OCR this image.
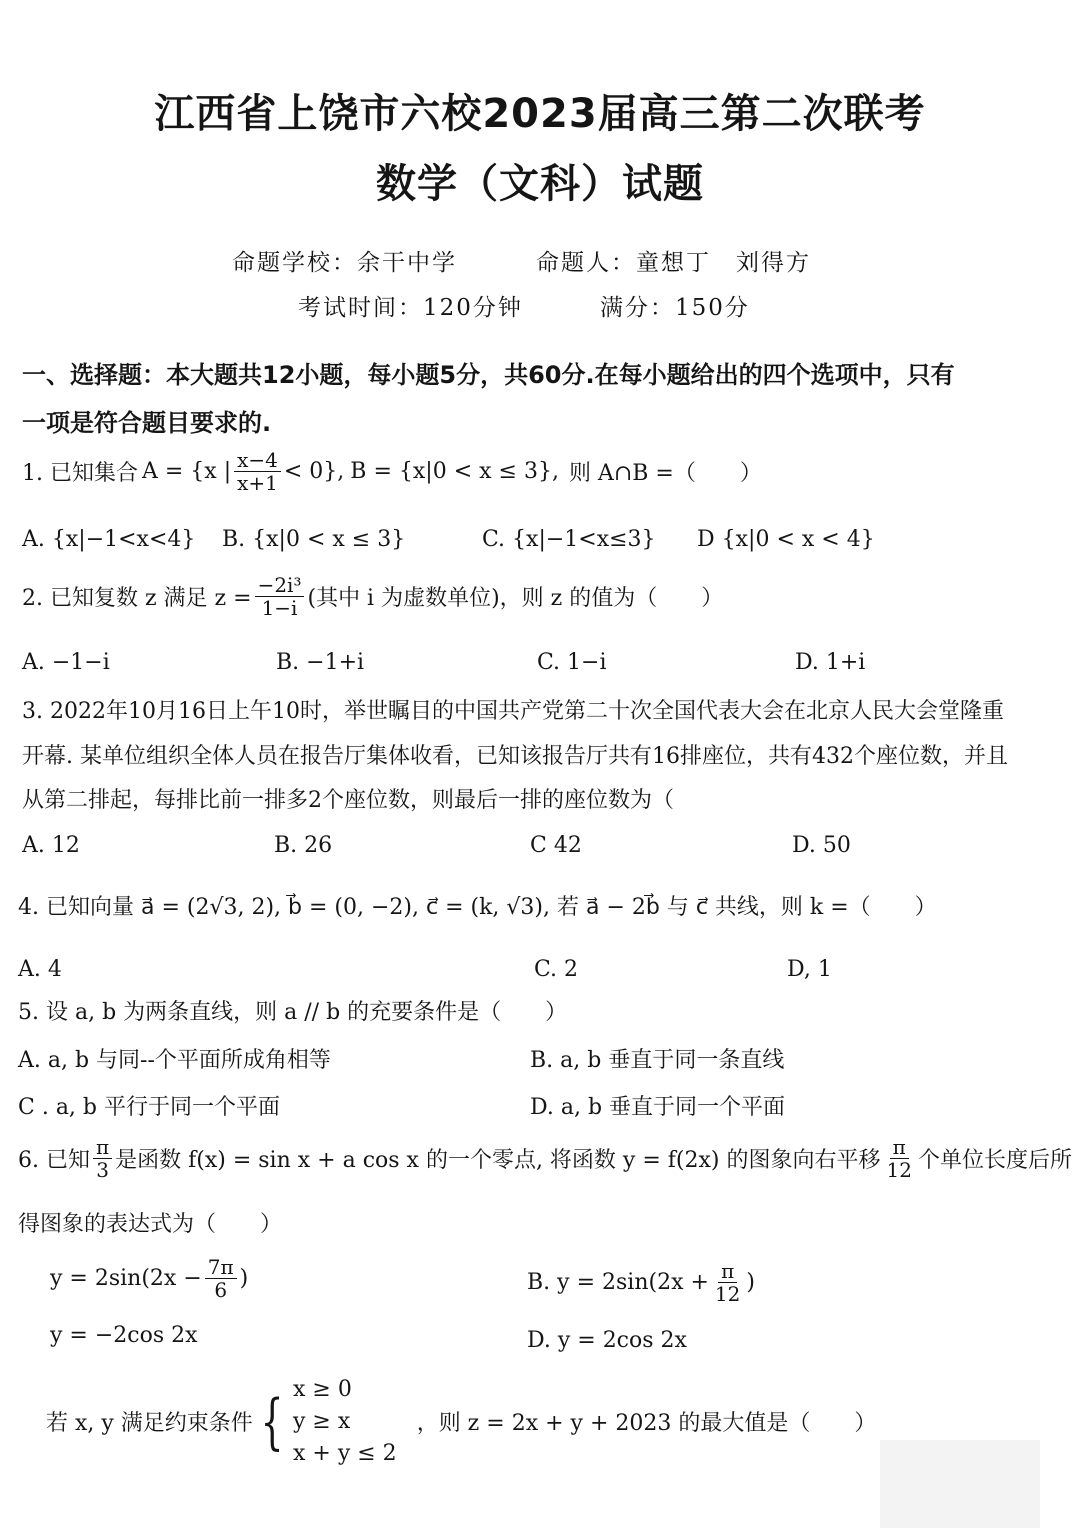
江西省上饶市六校2023届高三第二次联考
数学（文科）试题
命题学校：余干中学	命题人：童想丁　刘得方
考试时间：120分钟	满分：150分
一、选择题：本大题共12小题，每小题5分，共60分.在每小题给出的四个选项中，只有
一项是符合题目要求的.
1. 已知集合 A = {x | $\frac{x-4}{x+1} < 0$}, B = {x|0 < x ≤ 3}, 则 A∩B =（　　）
A. {x|−1<x<4} B. {x|0 < x ≤ 3}	C. {x|−1<x≤3} D {x|0 < x < 4}
2. 已知复数 z 满足 $z = \frac{\text{−2i³}}{1-i}$ (其中 i 为虚数单位)，则 z 的值为（　　）
A. −1−i	B. −1+i	C. 1−i	D. 1+i
3. 2022年10月16日上午10时，举世瞩目的中国共产党第二十次全国代表大会在北京人民大会堂隆重
开幕. 某单位组织全体人员在报告厅集体收看，已知该报告厅共有16排座位，共有432个座位数，并且
从第二排起，每排比前一排多2个座位数，则最后一排的座位数为（
A. 12	B. 26	C 42	D. 50
4. 已知向量 a⃗ = (2√3, 2), b⃗ = (0, −2), c⃗ = (k, √3), 若 a⃗ − 2b⃗ 与 c⃗ 共线，则 k =（　　）
A. 4	C. 2	D, 1
5. 设 a, b 为两条直线，则 a // b 的充要条件是（　　）
A. a, b 与同--个平面所成角相等	B. a, b 垂直于同一条直线
C . a, b 平行于同一个平面	D. a, b 垂直于同一个平面
6. 已知 $\frac{\pi}{3}$ 是函数 f(x) = sin x + a cos x 的一个零点, 将函数 y = f(2x) 的图象向右平移 $\frac{\pi}{12}$ 个单位长度后所
得图象的表达式为（　　）
$y = 2\sin(2x - \frac{7\pi}{6}$ )	B. $y = 2\sin(2x + \frac{\pi}{12}$ )
y = −2cos 2x	D. y = 2cos 2x
若 x, y 满足约束条件 { x ≥ 0
y ≥ x
x + y ≤ 2
，则 z = 2x + y + 2023 的最大值是（　　）
